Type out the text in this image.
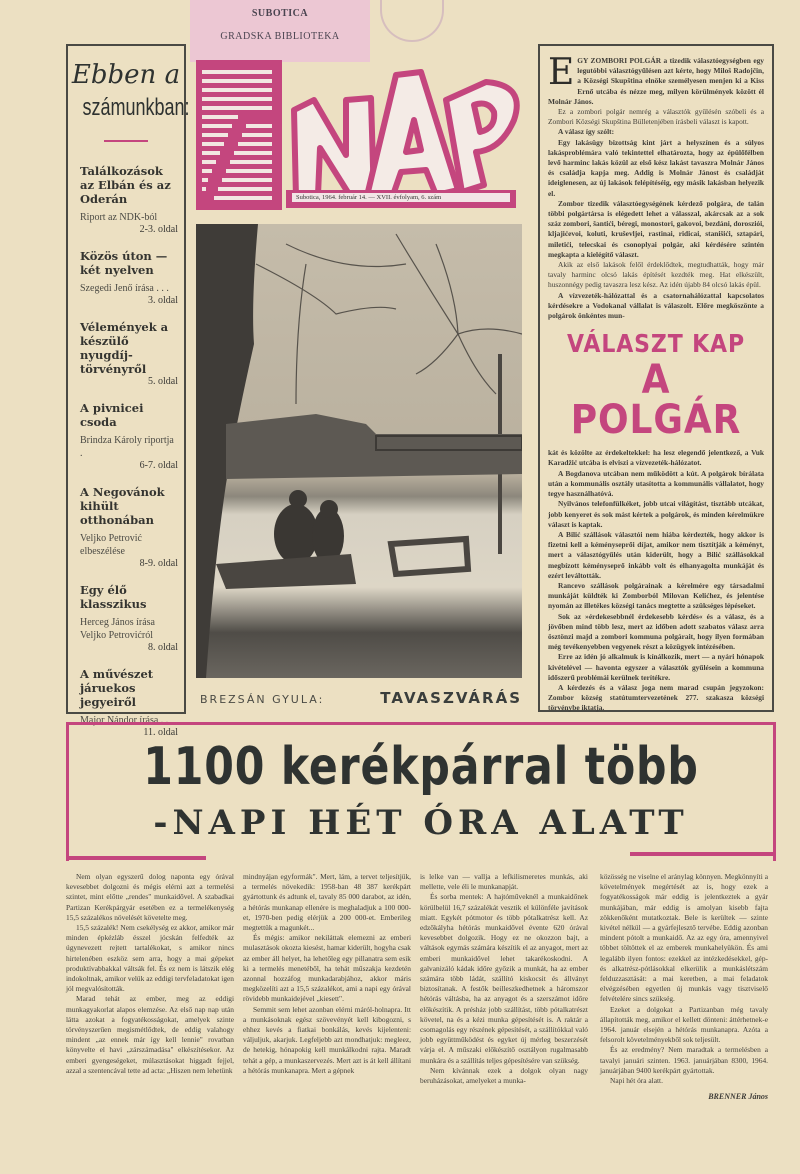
SUBOTICA
GRADSKA BIBLIOTEKA
Ebben a
számunkban:
Találkozások az Elbán és az Oderán
Riport az NDK-ból
2-3. oldal
Közös úton — két nyelven
Szegedi Jenő írása . . .
3. oldal
Vélemények a készülő nyugdíj-törvényről
5. oldal
A pivnicei csoda
Brindza Károly riportja .
6-7. oldal
A Negovánok kihült otthonában
Veljko Petrović elbeszélése
8-9. oldal
Egy élő klasszikus
Herceg János írása Veljko Petrovićról
8. oldal
A művészet járuekos jegyeiről
Major Nándor írása . .
11. oldal
Subotica, 1964. február 14. — XVII. évfolyam, 6. szám
BREZSÁN GYULA:	TAVASZVÁRÁS
E GY ZOMBORI POLGÁR a tizedik választóegységben egy legutóbbi választógyűlésen azt kérte, hogy Miloš Radojčin, a Községi Skupština elnöke személyesen menjen ki a Kiss Ernő utcába és nézze meg, milyen körülmények között él Molnár János.

Ez a zombori polgár nemrég a választók gyűlésén szóbeli és a Zombori Községi Skupština Bülletenjében írásbeli választ is kapott.

A válasz így szólt:

Egy lakásügy bizottság kint járt a helyszínen és a súlyos lakásproblémára való tekintettel elhatározta, hogy az épülőfélben levő harminc lakás közül az első kész lakást tavaszra Molnár János és családja kapja meg. Addig is Molnár Jánost és családját ideiglenesen, az új lakások felépítéséig, egy másik lakásban helyezik el.

Zombor tizedik választóegységének kérdező polgára, de talán többi polgártársa is elégedett lehet a válasszal, akárcsak az a sok száz zombori, šantići, béregi, monostori, gakovoi, bezdáni, dorosziói, kljajićevoi, koluti, kruševljei, rastinai, ridicai, stanišići, sztapári, miletići, telecskai és csonoplyai polgár, aki kérdésére szintén megkapta a kielégítő választ.

Akik az első lakások felől érdeklődtek, megtudhatták, hogy már tavaly harminc olcsó lakás építését kezdték meg. Hat elkészült, huszonnégy pedig tavaszra lesz kész. Az idén újabb 84 olcsó lakás épül.

A vízvezeték-hálózattal és a csatornahálózattal kapcsolatos kérdésekre a Vodokanal vállalat is válaszolt. Előre megköszönte a polgárok önkéntes mun-

VÁLASZT KAP
A POLGÁR

kát és közölte az érdekeltekkel: ha lesz elegendő jelentkező, a Vuk Karadžić utcába is elviszi a vízvezeték-hálózatot.

A Bogdanova utcában nem működött a kút. A polgárok bírálata után a kommunális osztály utasította a kommunális vállalatot, hogy tegye használhatóvá.

Nyilvános telefonfülkéket, jobb utcai világítást, tisztább utcákat, jobb kenyeret és sok mást kértek a polgárok, és minden kérelmükre választ is kaptak.

A Bilić szállások választói nem hiába kérdezték, hogy akkor is fizetni kell a kéményseprői díjat, amikor nem tisztítják a kéményt, mert a választógyűlés után kiderült, hogy a Bilić szállásokkal megbízott kéményseprő inkább volt és elhanyagolta munkáját és ezért leváltották.

Rancevo szállások polgárainak a kérelmére egy társadalmi munkáját küldték ki Zomborból Milovan Kelićhez, és jelentése nyomán az illetékes községi tanács megtette a szükséges lépéseket.

Sok az »érdekesebbnél érdekesebb kérdés« és a válasz, és a jövőben mind több lesz, mert az időben adott szabatos válasz arra ösztönzi majd a zombori kommuna polgárait, hogy ilyen formában még tevékenyebben vegyenek részt a közügyek intézésében.

Erre az idén jó alkalmuk is kínálkozik, mert — a nyári hónapok kivételével — havonta egyszer a választók gyűlésein a kommuna időszerű problémái kerülnek terítékre.

A kérdezés és a válasz joga nem marad csupán jegyzokon: Zombor község statútumtervezetének 277. szakasza községi törvénybe iktatja.

1100 kerékpárral több
-NAPI HÉT ÓRA ALATT

Nem olyan egyszerű dolog naponta egy órával kevesebbet dolgozni és mégis elérni azt a termelési szintet, mint előtte „rendes" munkaidővel. A szabadkai Partizan Kerékpárgyár esetében ez a termelékenység 15,5 százalékos növelését követelte meg.

15,5 százalék! Nem csekélység ez akkor, amikor már minden épkézláb ésszel jócskán felfedték az úgynevezett rejtett tartalékokat, s amikor nincs hirtelenében eszköz sem arra, hogy a mai gépeket produktívabbakkal váltsák fel. És ez nem is látszik elég indokoltnak, amikor velük az eddigi tervfeladatokat igen jól megvalósították.

Marad tehát az ember, meg az eddigi munkagyakorlat alapos elemzése. Az első nap nap után látta azokat a fogyatékosságokat, amelyek szinte törvényszerűen megismétlődtek, de eddig valahogy mindent „az ennek már így kell lennie" rovatban könyvelte el havi „zárszámadása" elkészítésekor. Az emberi gyengeségeket, múlasztásokat higgadt fejjel, azzal a szentencával tette ad acta: „Hiszen nem lehetünk

mindnyájan egyformák". Mert, lám, a tervet teljesítjük, a termelés növekedik: 1958-ban 48 387 kerékpárt gyártottunk és adtunk el, tavaly 85 000 darabot, az idén, a hétórás munkanap ellenére is meghaladjuk a 100 000-et, 1970-ben pedig elérjük a 200 000-et. Emberileg megtettük a magunkét...

És mégis: amikor nekiláttak elemezni az emberi mulasztások okozta kiesést, hamar kiderült, hogyha csak az ember áll helyet, ha lehetőleg egy pillanatra sem esik ki a termelés menetéből, ha tehát műszakja kezdetén azonnal hozzáfog munkadarabjához, akkor máris megközelíti azt a 15,5 százalékot, ami a napi egy órával rövidebb munkaidejével „kiesett".

Semmit sem lehet azonban elérni máról-holnapra. Itt a munkásoknak egész szövevényét kell kibogozni, s ehhez kevés a fiatkai bonkálás, kevés kijelenteni: váljuljuk, akarjuk. Legfeljebb azt mondhatjuk: megleez, de hetekig, hónapokig kell munkálkodni rajta. Maradt tehát a gép, a munkaszervezés. Mert azt is át kell állítani a hétórás munkanapra. Mert a gépnek

is lelke van — vallja a lefkilismeretes munkás, aki mellette, vele éli le munkanapját.

És sorba mentek: A hajtóműveknél a munkaidőnek körülbelül 16,7 százalékát vesztik el különféle javítások miatt. Egykét pótmotor és több pótalkatrész kell. Az edzőkályha hétórás munkaidővel évente 620 órával kevesebbet dolgozik. Hogy ez ne okozzon bajt, a váltások egymás számára készítik el az anyagot, mert az emberi munkaidővel lehet takarékoskodni. A galvanizáló kádak időre győzik a munkát, ha az ember számára több ládát, szállító kiskocsit és állványt biztosítanak. A festők beilleszkedhetnek a háromszor hétórás váltásba, ha az anyagot és a szerszámot időre előkészítik. A présház jobb szállítást, több pótalkatrészt követel, na és a kézi munka gépesítését is. A raktár a csomagolás egy részének gépesítését, a szállítókkal való jobb együttműködést és egyket új mérleg beszerzését várja el. A műszaki előkészítő osztályon rugalmasabb munkára és a szállítás teljes gépesítésére van szükség.

Nem kívánnak ezek a dolgok olyan nagy beruházásokat, amelyeket a munka-

közösség ne viselne el aránylag könnyen. Megkönnyíti a követelmények megértését az is, hogy ezek a fogyatékosságok már eddig is jelentkeztek a gyár munkájában, már eddig is amolyan kisebb fajta zökkenőként mutatkoztak. Bele is kerültek — szinte kivétel nélkül — a gyárfejlesztő tervébe. Eddig azonban mindent pótolt a munkaidő. Az az egy óra, amennyivel többet töltöttek el az emberek munkahelyükön. És ami legalább ilyen fontos: ezekkel az intézkedésekkel, gép- és alkatrész-pótlásokkal elkerülik a munkáslétszám felduzzasztását: a mai keretben, a mai feladatok elvégzésében egyetlen új munkás vagy tisztviselő felvételére sincs szükség.

Ezeket a dolgokat a Partizanban még tavaly állapították meg, amikor el kellett dönteni: áttérhetnek-e 1964. január elsején a hétórás munkanapra. Azóta a felsorolt követelményekből sok teljesült.

És az eredmény? Nem maradtak a termelésben a tavalyi januári szinten. 1963. januárjában 8300, 1964. januárjában 9400 kerékpárt gyártottak.

Napi hét óra alatt.

BRENNER János
